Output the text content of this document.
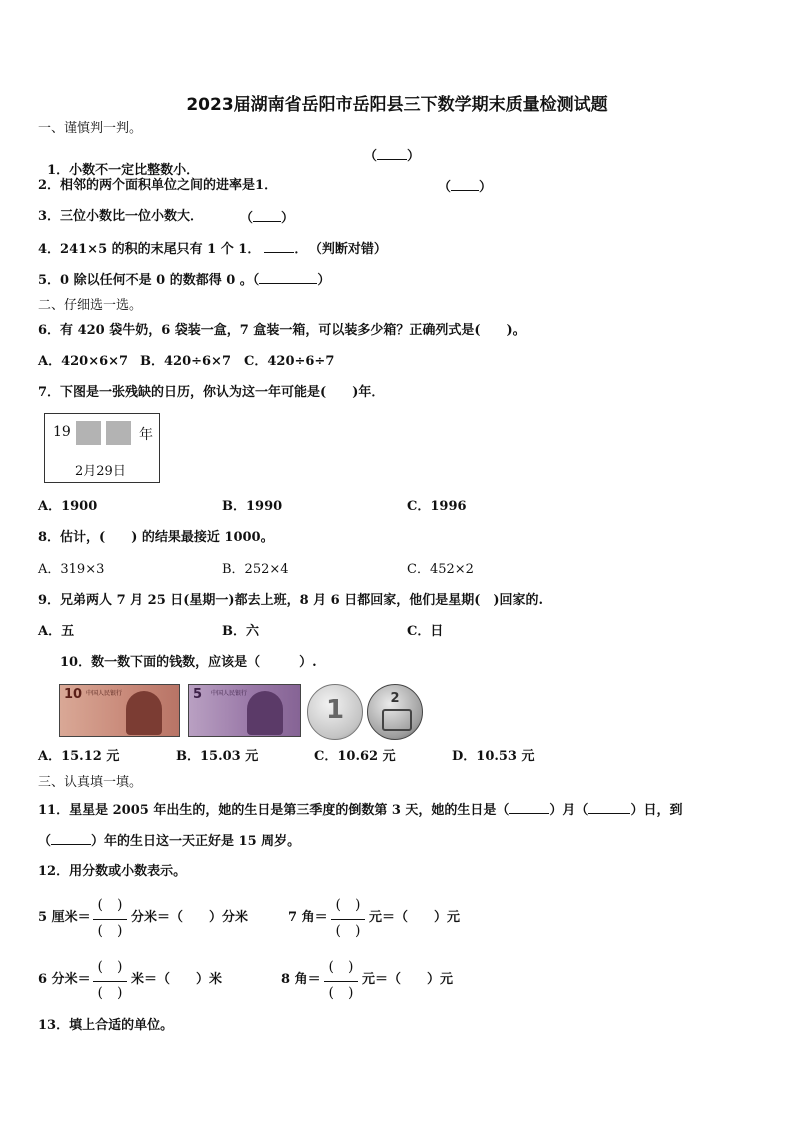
2023届湖南省岳阳市岳阳县三下数学期末质量检测试题
一、谨慎判一判。

1．小数不一定比整数小．

（ ）
2．相邻的两个面积单位之间的进率是1．	（ ）
3．三位小数比一位小数大．	（ ）
4．241×5 的积的末尾只有 1 个 1．	． （判断对错）
5．0 除以任何不是 0 的数都得 0 。（	）
二、仔细选一选。
6．有 420 袋牛奶，6 袋装一盒，7 盒装一箱，可以装多少箱？正确列式是(　　)。
A．420×6×7 B．420÷6×7 C．420÷6÷7
7．下图是一张残缺的日历，你认为这一年可能是(　　)年．
19	年
2月29日
A．1900	B．1990	C．1996
8．估计，(　　) 的结果最接近 1000。
A．319×3	B．252×4	C．452×2
9．兄弟两人 7 月 25 日(星期一)都去上班，8 月 6 日都回家，他们是星期(　)回家的.
A．五	B．六	C．日
10．数一数下面的钱数，应该是（　　　）.
10 中国人民银行	5 中国人民银行
1	2
A．15.12 元	B．15.03 元	C．10.62 元	D．10.53 元
三、认真填一填。
11．星星是 2005 年出生的，她的生日是第三季度的倒数第 3 天，她的生日是（	）月（	）日，到
（	）年的生日这一天正好是 15 周岁。
12．用分数或小数表示。
5 厘米＝
(　)
(　)
分米＝（　　）分米	7 角＝
(　)
(　)
元＝（　　）元
6 分米＝
(　)
(　)
米＝（　　）米	8 角＝
(　)
(　)
元＝（　　）元
13．填上合适的单位。
